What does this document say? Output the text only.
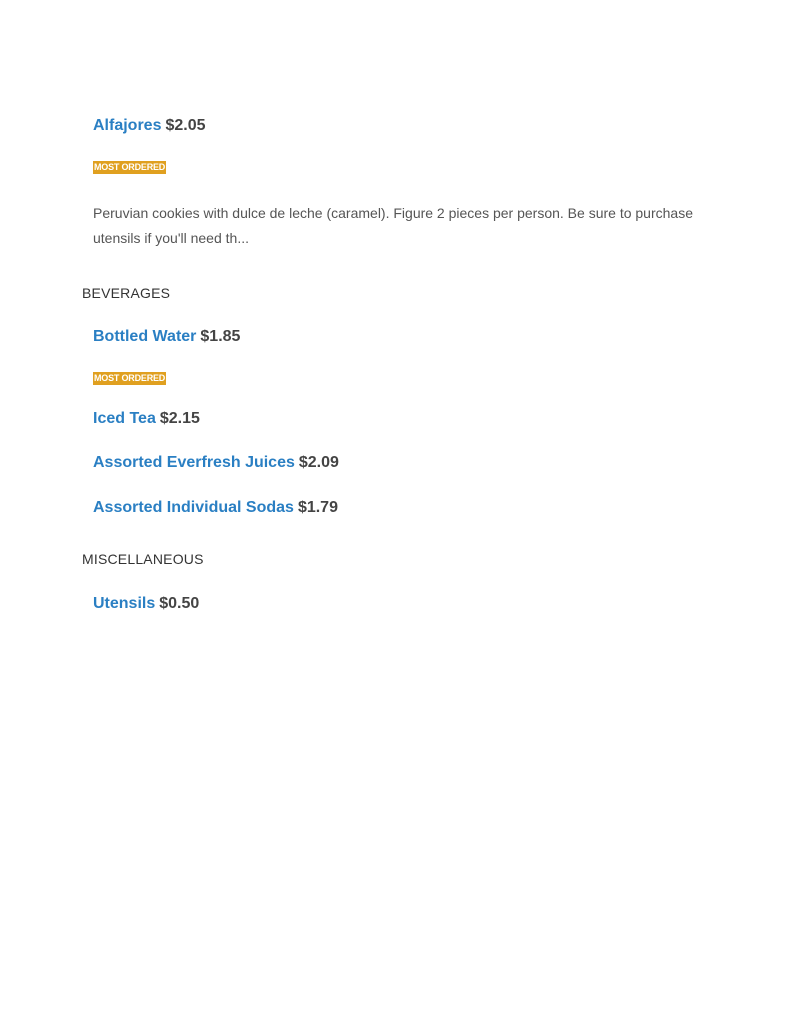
Alfajores $2.05
MOST ORDERED
Peruvian cookies with dulce de leche (caramel). Figure 2 pieces per person. Be sure to purchase utensils if you'll need th...
BEVERAGES
Bottled Water $1.85
MOST ORDERED
Iced Tea $2.15
Assorted Everfresh Juices $2.09
Assorted Individual Sodas $1.79
MISCELLANEOUS
Utensils $0.50
